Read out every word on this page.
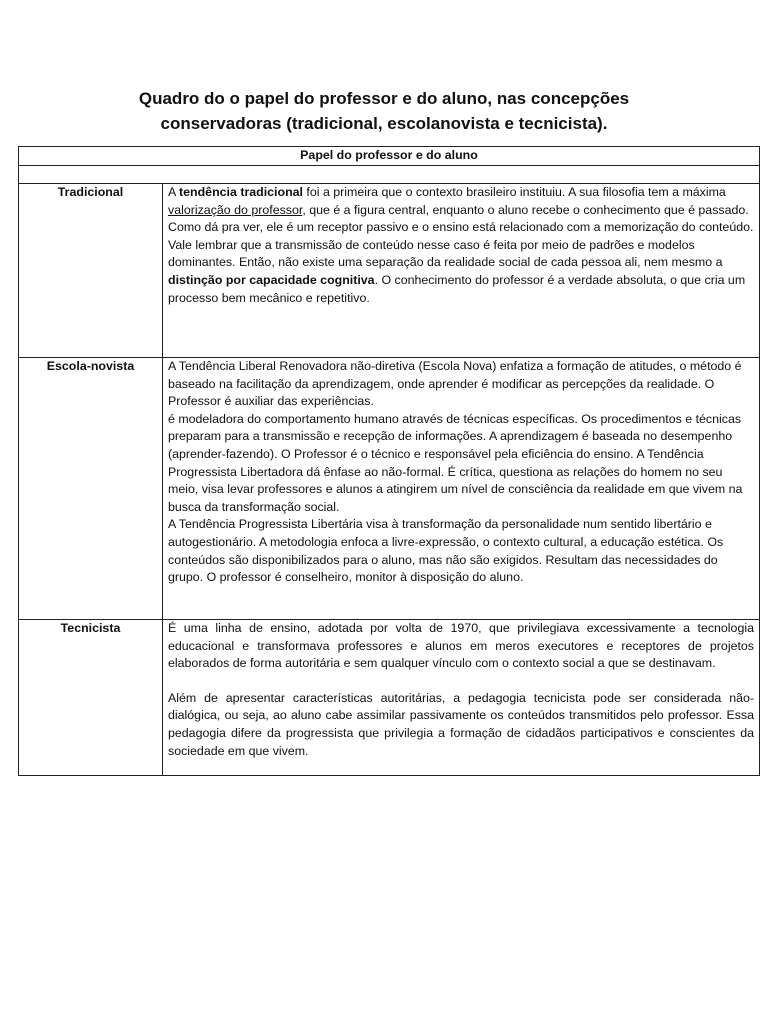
Quadro do o papel do professor e do aluno, nas concepções
conservadoras (tradicional, escolanovista e tecnicista).
Papel do professor e do aluno	

Tradicional	A tendência tradicional foi a primeira que o contexto brasileiro instituiu. A sua filosofia tem a máxima valorização do professor, que é a figura central, enquanto o aluno recebe o conhecimento que é passado. Como dá pra ver, ele é um receptor passivo e o ensino está relacionado com a memorização do conteúdo. Vale lembrar que a transmissão de conteúdo nesse caso é feita por meio de padrões e modelos dominantes. Então, não existe uma separação da realidade social de cada pessoa ali, nem mesmo a distinção por capacidade cognitiva. O conhecimento do professor é a verdade absoluta, o que cria um processo bem mecânico e repetitivo.

Escola-novista	A Tendência Liberal Renovadora não-diretiva (Escola Nova) enfatiza a formação de atitudes, o método é baseado na facilitação da aprendizagem, onde aprender é modificar as percepções da realidade. O Professor é auxiliar das experiências.

é modeladora do comportamento humano através de técnicas específicas. Os procedimentos e técnicas preparam para a transmissão e recepção de informações. A aprendizagem é baseada no desempenho (aprender-fazendo). O Professor é o técnico e responsável pela eficiência do ensino. A Tendência Progressista Libertadora dá ênfase ao não-formal. É crítica, questiona as relações do homem no seu meio, visa levar professores e alunos a atingirem um nível de consciência da realidade em que vivem na busca da transformação social.

A Tendência Progressista Libertária visa à transformação da personalidade num sentido libertário e autogestionário. A metodologia enfoca a livre-expressão, o contexto cultural, a educação estética. Os conteúdos são disponibilizados para o aluno, mas não são exigidos. Resultam das necessidades do grupo. O professor é conselheiro, monitor à disposição do aluno.

Tecnicista	É uma linha de ensino, adotada por volta de 1970, que privilegiava excessivamente a tecnologia educacional e transformava professores e alunos em meros executores e receptores de projetos elaborados de forma autoritária e sem qualquer vínculo com o contexto social a que se destinavam.

Além de apresentar características autoritárias, a pedagogia tecnicista pode ser considerada não-dialógica, ou seja, ao aluno cabe assimilar passivamente os conteúdos transmitidos pelo professor. Essa pedagogia difere da progressista que privilegia a formação de cidadãos participativos e conscientes da sociedade em que vivem.
